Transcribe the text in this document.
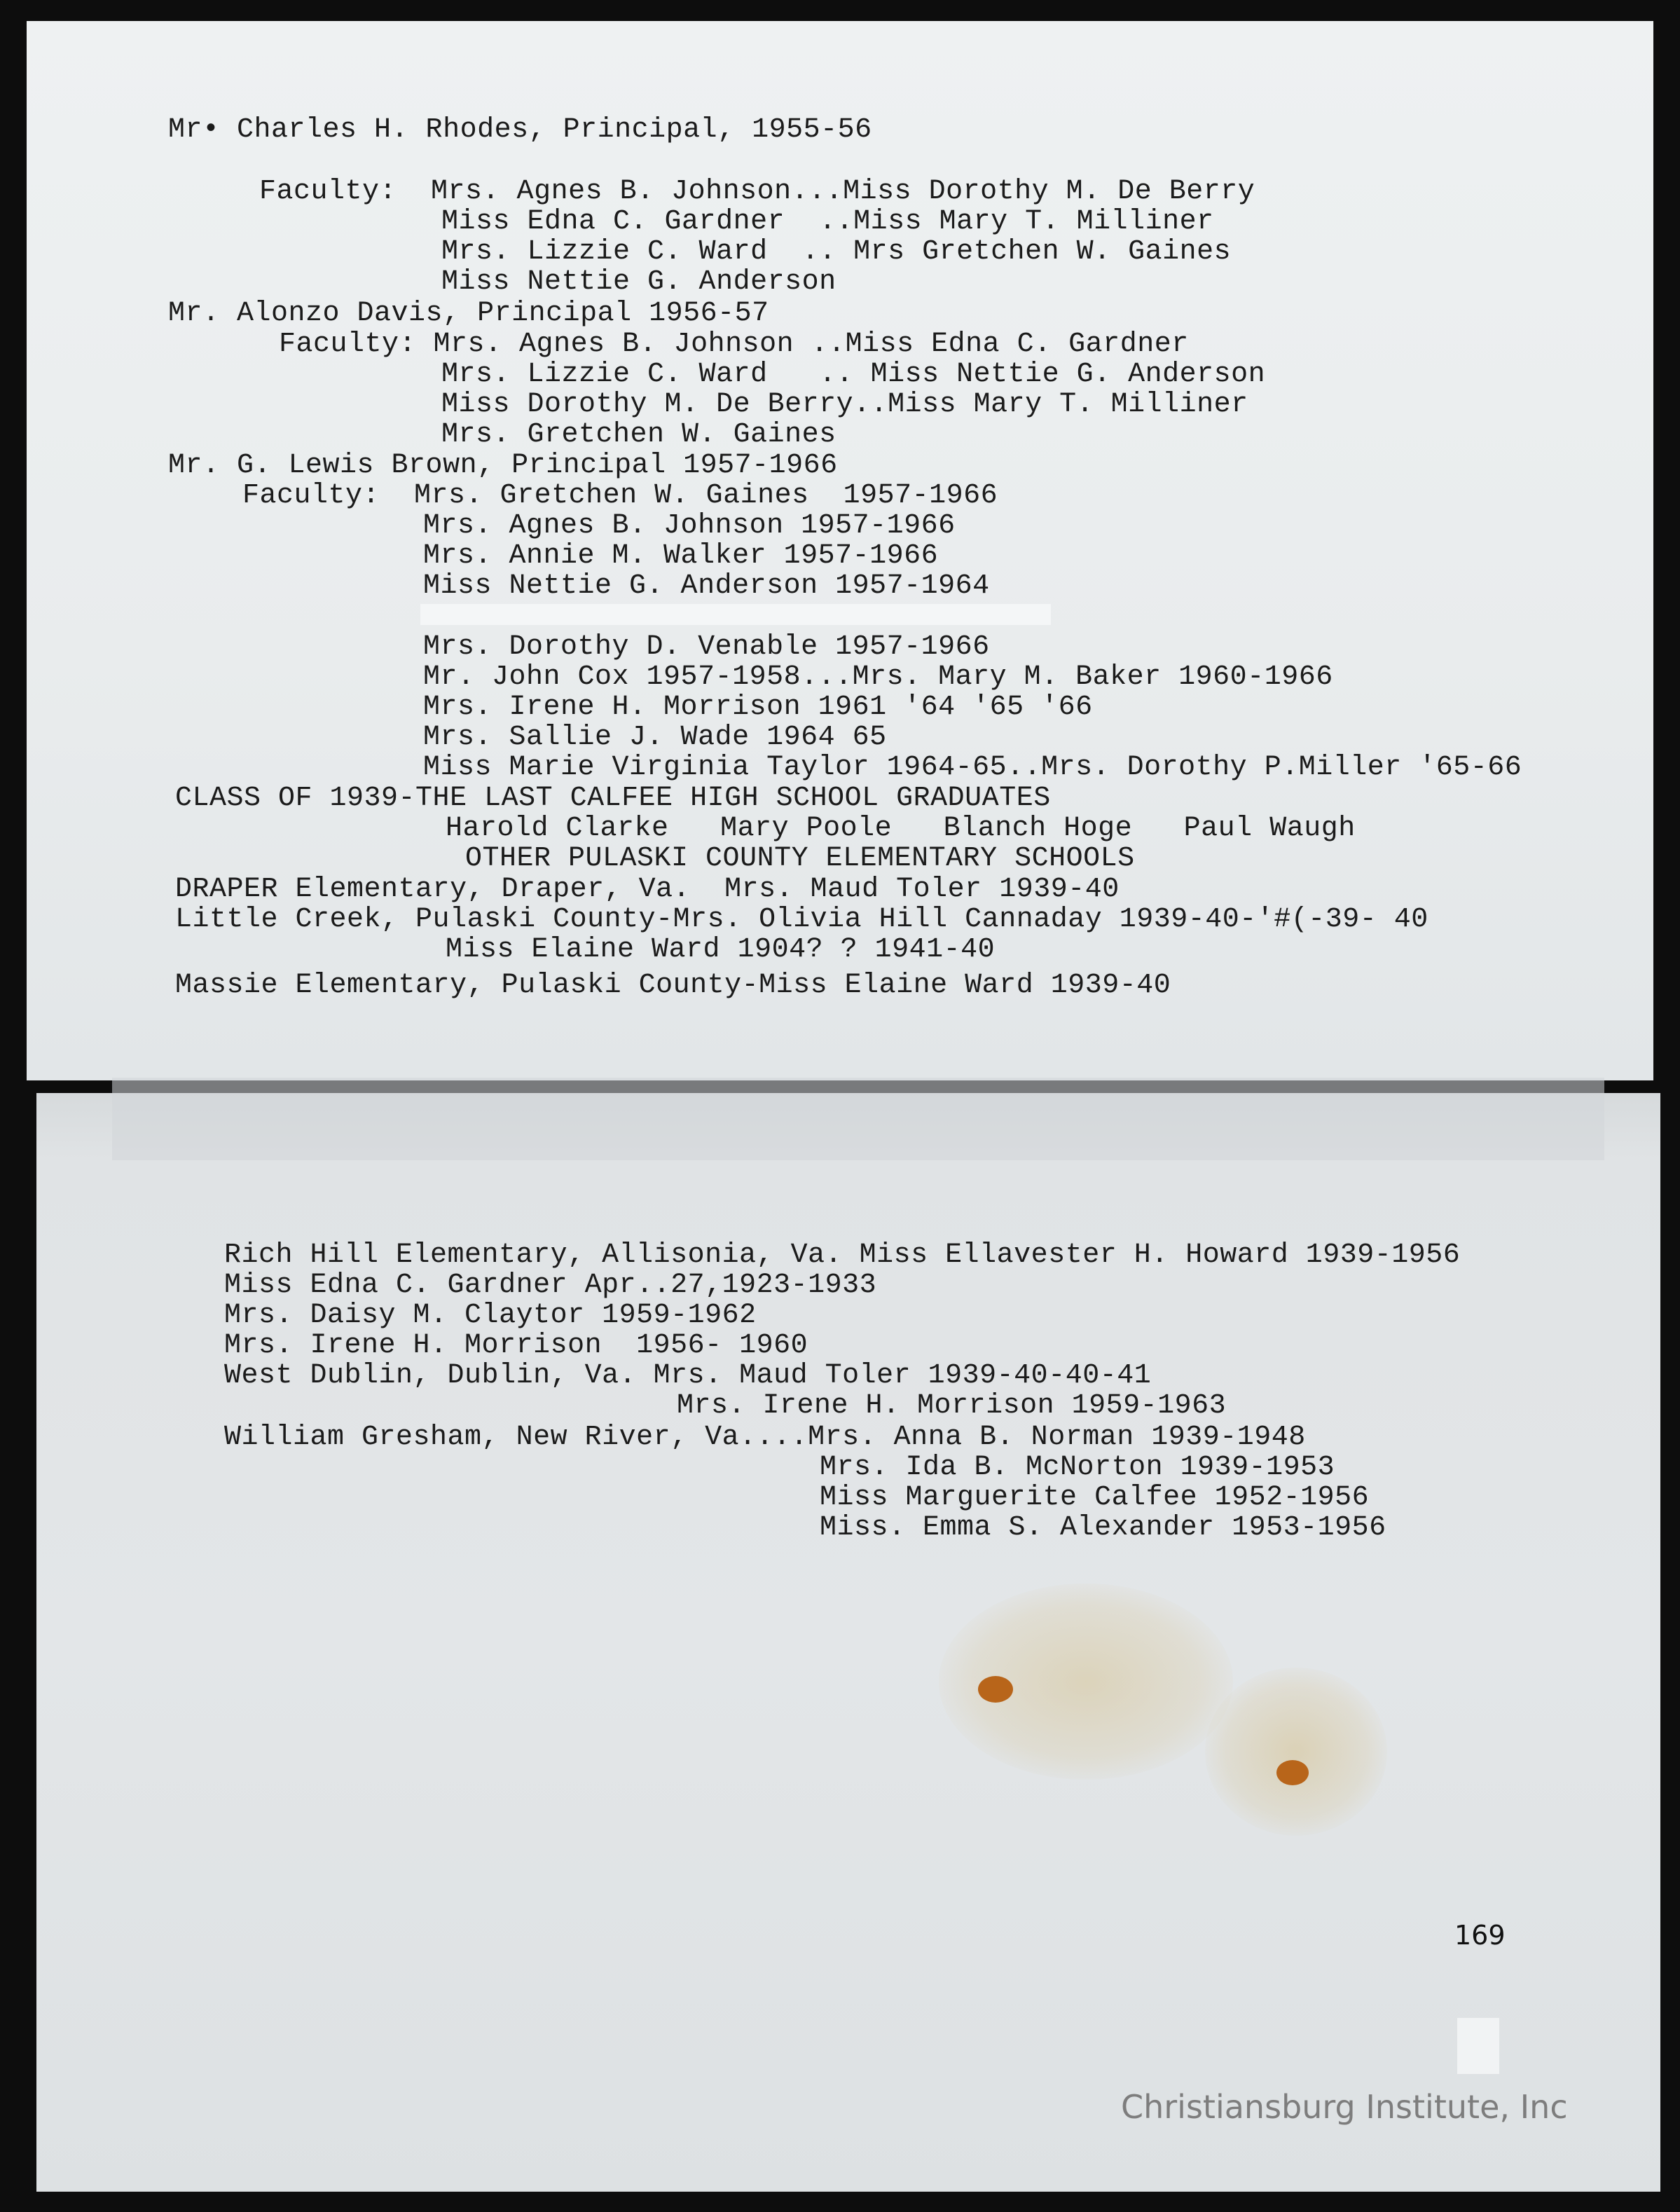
Mr• Charles H. Rhodes, Principal, 1955-56
Faculty:  Mrs. Agnes B. Johnson...Miss Dorothy M. De Berry
Miss Edna C. Gardner  ..Miss Mary T. Milliner
Mrs. Lizzie C. Ward  .. Mrs Gretchen W. Gaines
Miss Nettie G. Anderson
Mr. Alonzo Davis, Principal 1956-57
Faculty: Mrs. Agnes B. Johnson ..Miss Edna C. Gardner
Mrs. Lizzie C. Ward   .. Miss Nettie G. Anderson
Miss Dorothy M. De Berry..Miss Mary T. Milliner
Mrs. Gretchen W. Gaines
Mr. G. Lewis Brown, Principal 1957-1966
Faculty:  Mrs. Gretchen W. Gaines  1957-1966
Mrs. Agnes B. Johnson 1957-1966
Mrs. Annie M. Walker 1957-1966
Miss Nettie G. Anderson 1957-1964
Mrs. Dorothy D. Venable 1957-1966
Mr. John Cox 1957-1958...Mrs. Mary M. Baker 1960-1966
Mrs. Irene H. Morrison 1961 '64 '65 '66
Mrs. Sallie J. Wade 1964 65
Miss Marie Virginia Taylor 1964-65..Mrs. Dorothy P.Miller '65-66
CLASS OF 1939-THE LAST CALFEE HIGH SCHOOL GRADUATES
Harold Clarke   Mary Poole   Blanch Hoge   Paul Waugh
OTHER PULASKI COUNTY ELEMENTARY SCHOOLS
DRAPER Elementary, Draper, Va.  Mrs. Maud Toler 1939-40
Little Creek, Pulaski County-Mrs. Olivia Hill Cannaday 1939-40-'#(-39- 40
Miss Elaine Ward 1904? ? 1941-40
Massie Elementary, Pulaski County-Miss Elaine Ward 1939-40
Rich Hill Elementary, Allisonia, Va. Miss Ellavester H. Howard 1939-1956
Miss Edna C. Gardner Apr..27,1923-1933
Mrs. Daisy M. Claytor 1959-1962
Mrs. Irene H. Morrison  1956- 1960
West Dublin, Dublin, Va. Mrs. Maud Toler 1939-40-40-41
Mrs. Irene H. Morrison 1959-1963
William Gresham, New River, Va....Mrs. Anna B. Norman 1939-1948
Mrs. Ida B. McNorton 1939-1953
Miss Marguerite Calfee 1952-1956
Miss. Emma S. Alexander 1953-1956
169
Christiansburg Institute, Inc
